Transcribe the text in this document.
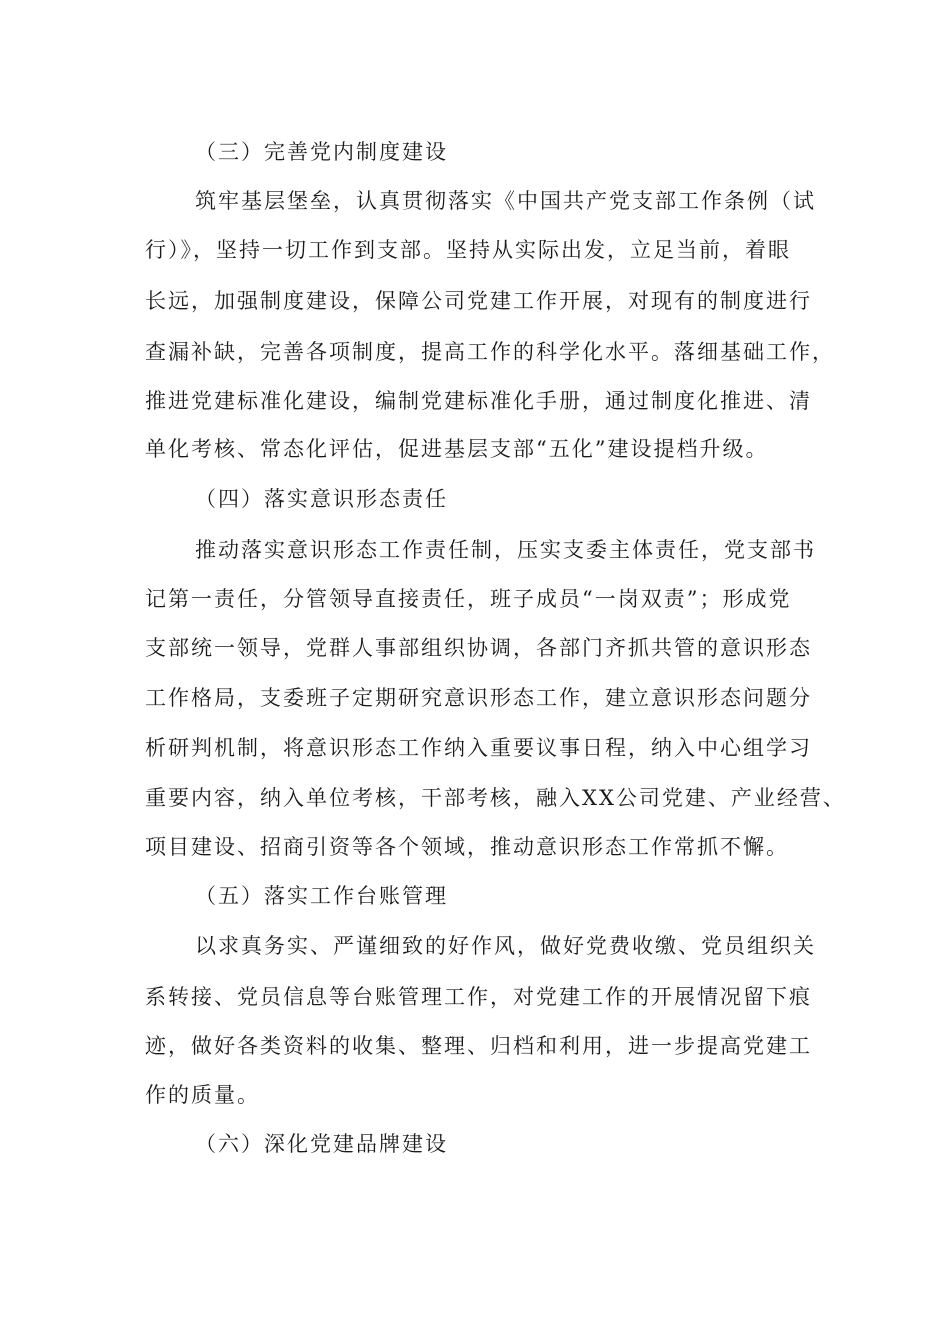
（三）完善党内制度建设
筑牢基层堡垒，认真贯彻落实《中国共产党支部工作条例（试
行）》，坚持一切工作到支部。坚持从实际出发，立足当前，着眼
长远，加强制度建设，保障公司党建工作开展，对现有的制度进行
查漏补缺，完善各项制度，提高工作的科学化水平。落细基础工作，
推进党建标准化建设，编制党建标准化手册，通过制度化推进、清
单化考核、常态化评估，促进基层支部“五化”建设提档升级。
（四）落实意识形态责任
推动落实意识形态工作责任制，压实支委主体责任，党支部书
记第一责任，分管领导直接责任，班子成员“一岗双责”；形成党
支部统一领导，党群人事部组织协调，各部门齐抓共管的意识形态
工作格局，支委班子定期研究意识形态工作，建立意识形态问题分
析研判机制，将意识形态工作纳入重要议事日程，纳入中心组学习
重要内容，纳入单位考核，干部考核，融入XX公司党建、产业经营、
项目建设、招商引资等各个领域，推动意识形态工作常抓不懈。
（五）落实工作台账管理
以求真务实、严谨细致的好作风，做好党费收缴、党员组织关
系转接、党员信息等台账管理工作，对党建工作的开展情况留下痕
迹，做好各类资料的收集、整理、归档和利用，进一步提高党建工
作的质量。
（六）深化党建品牌建设
